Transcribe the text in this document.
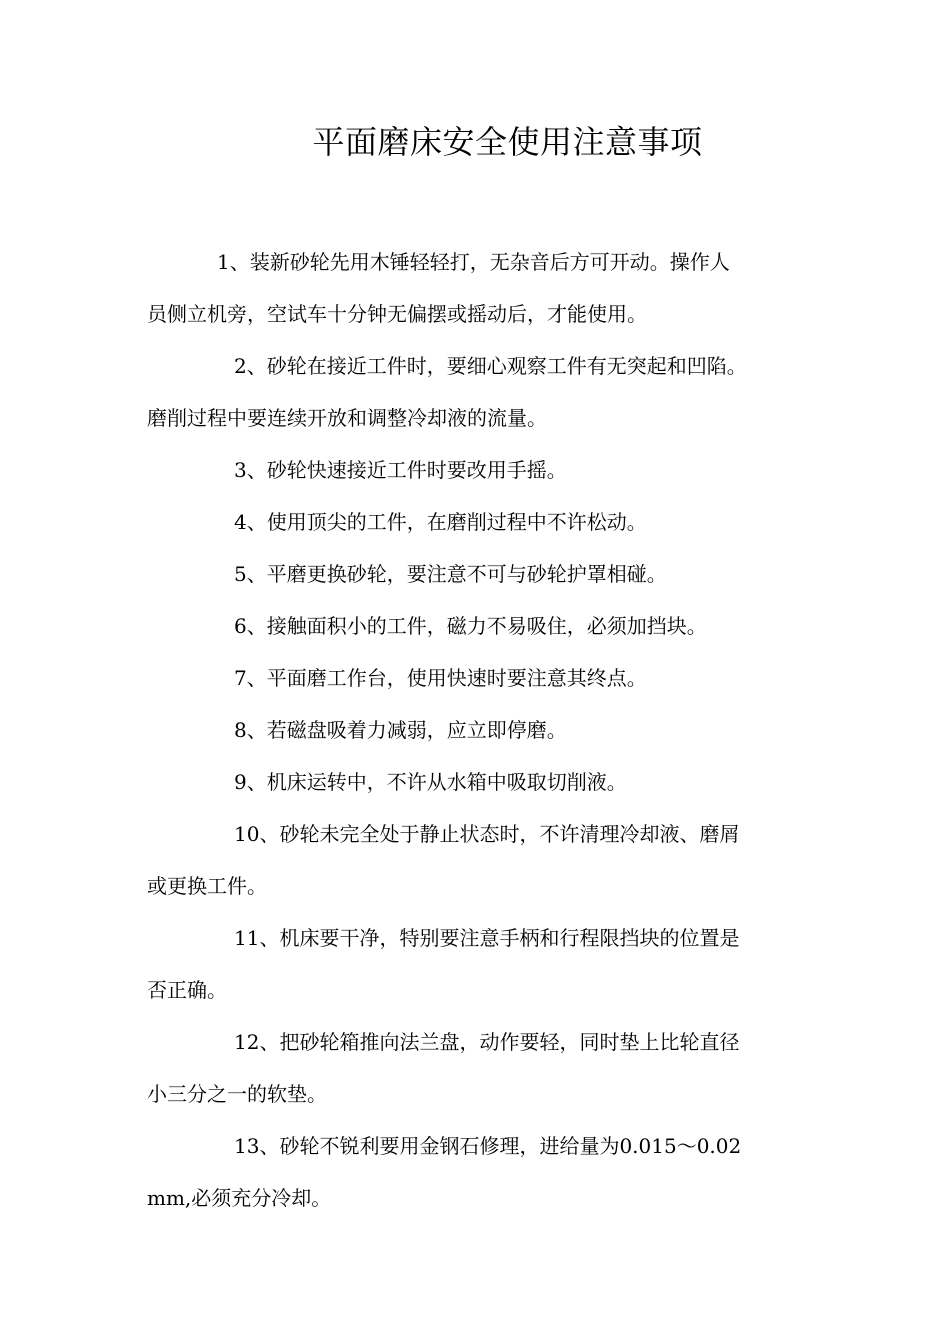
平面磨床安全使用注意事项

1、装新砂轮先用木锤轻轻打，无杂音后方可开动。操作人

员侧立机旁，空试车十分钟无偏摆或摇动后，才能使用。

2、砂轮在接近工件时，要细心观察工件有无突起和凹陷。

磨削过程中要连续开放和调整冷却液的流量。

3、砂轮快速接近工件时要改用手摇。

4、使用顶尖的工件，在磨削过程中不许松动。

5、平磨更换砂轮，要注意不可与砂轮护罩相碰。

6、接触面积小的工件，磁力不易吸住，必须加挡块。

7、平面磨工作台，使用快速时要注意其终点。

8、若磁盘吸着力减弱，应立即停磨。

9、机床运转中，不许从水箱中吸取切削液。

10、砂轮未完全处于静止状态时，不许清理冷却液、磨屑

或更换工件。

11、机床要干净，特别要注意手柄和行程限挡块的位置是

否正确。

12、把砂轮箱推向法兰盘，动作要轻，同时垫上比轮直径

小三分之一的软垫。

13、砂轮不锐利要用金钢石修理，进给量为0.015～0.02

mm,必须充分冷却。
